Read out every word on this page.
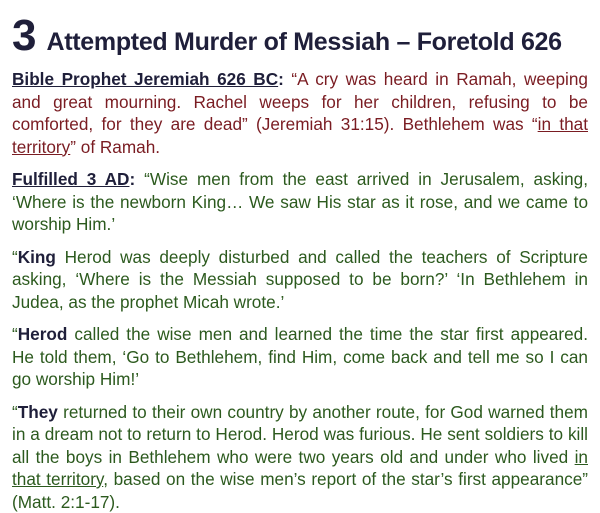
3 Attempted Murder of Messiah – Foretold 626

Bible Prophet Jeremiah 626 BC: “A cry was heard in Ramah, weeping and great mourning. Rachel weeps for her children, refusing to be comforted, for they are dead” (Jeremiah 31:15). Bethlehem was “in that territory” of Ramah.

Fulfilled 3 AD: “Wise men from the east arrived in Jerusalem, asking, ‘Where is the newborn King… We saw His star as it rose, and we came to worship Him.’

“King Herod was deeply disturbed and called the teachers of Scripture asking, ‘Where is the Messiah supposed to be born?’ ‘In Bethlehem in Judea, as the prophet Micah wrote.’

“Herod called the wise men and learned the time the star first appeared. He told them, ‘Go to Bethlehem, find Him, come back and tell me so I can go worship Him!’

“They returned to their own country by another route, for God warned them in a dream not to return to Herod. Herod was furious. He sent soldiers to kill all the boys in Bethlehem who were two years old and under who lived in that territory, based on the wise men’s report of the star’s first appearance” (Matt. 2:1-17).
